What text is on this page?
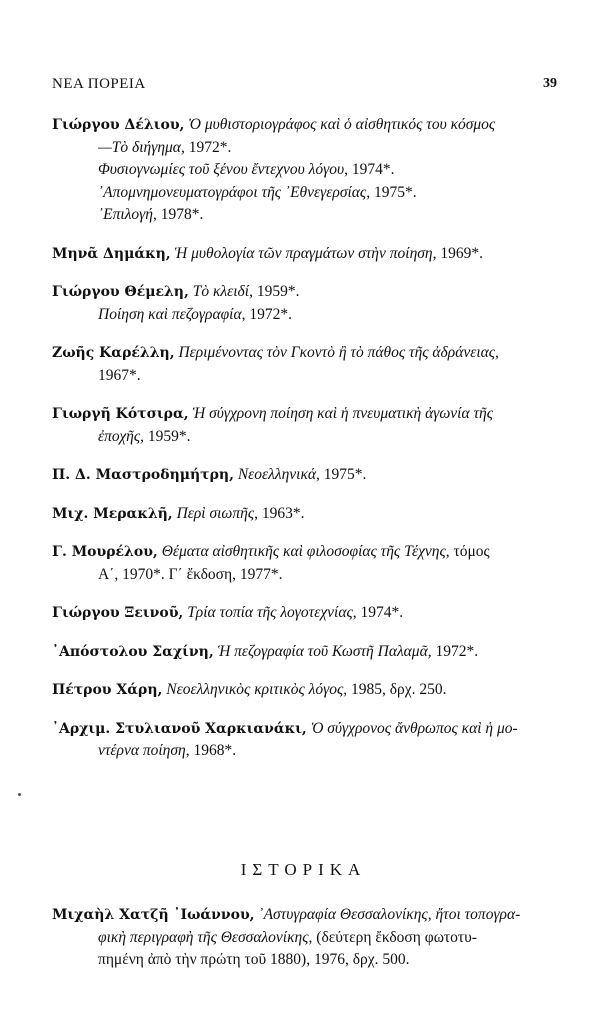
ΝΕΑ ΠΟΡΕΙΑ	39
Γιώργου Δέλιου, Ὁ μυθιστοριογράφος καὶ ὁ αἰσθητικός του κόσμος
—Τὸ διήγημα, 1972*.
Φυσιογνωμίες τοῦ ξένου ἔντεχνου λόγου, 1974*.
᾿Απομνημονευματογράφοι τῆς ᾿Εθνεγερσίας, 1975*.
᾿Επιλογή, 1978*.
Μηνᾶ Δημάκη, Ἡ μυθολογία τῶν πραγμάτων στὴν ποίηση, 1969*.
Γιώργου Θέμελη, Τὸ κλειδί, 1959*.
Ποίηση καὶ πεζογραφία, 1972*.
Ζωῆς Καρέλλη, Περιμένοντας τὸν Γκοντὸ ἢ τὸ πάθος τῆς ἀδράνειας,
1967*.
Γιωργῆ Κότσιρα, Ἡ σύγχρονη ποίηση καὶ ἡ πνευματικὴ ἀγωνία τῆς
ἐποχῆς, 1959*.
Π. Δ. Μαστροδημήτρη, Νεοελληνικά, 1975*.
Μιχ. Μερακλῆ, Περὶ σιωπῆς, 1963*.
Γ. Μουρέλου, Θέματα αἰσθητικῆς καὶ φιλοσοφίας τῆς Τέχνης, τόμος
Α΄, 1970*. Γ΄ ἔκδοση, 1977*.
Γιώργου Ξεινοῦ, Τρία τοπία τῆς λογοτεχνίας, 1974*.
᾿Απόστολου Σαχίνη, Ἡ πεζογραφία τοῦ Κωστῆ Παλαμᾶ, 1972*.
Πέτρου Χάρη, Νεοελληνικὸς κριτικὸς λόγος, 1985, δρχ. 250.
᾿Αρχιμ. Στυλιανοῦ Χαρκιανάκι, Ὁ σύγχρονος ἄνθρωπος καὶ ἡ μο-
ντέρνα ποίηση, 1968*.
ΙΣΤΟΡΙΚΑ
Μιχαὴλ Χατζῆ ᾿Ιωάννου, ᾿Αστυγραφία Θεσσαλονίκης, ἤτοι τοπογρα-
φικὴ περιγραφὴ τῆς Θεσσαλονίκης, (δεύτερη ἔκδοση φωτοτυ-
πημένη ἀπὸ τὴν πρώτη τοῦ 1880), 1976, δρχ. 500.
